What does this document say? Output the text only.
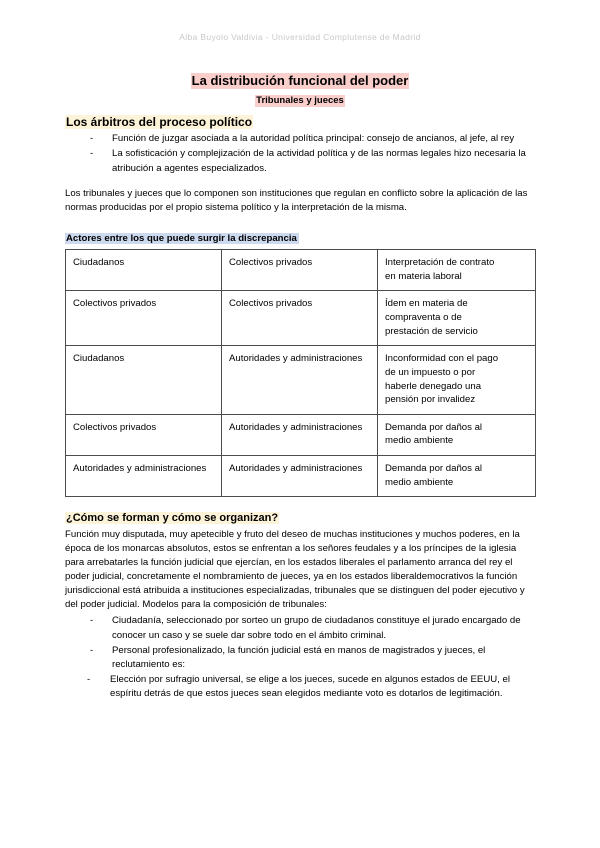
Alba Buyolo Valdivia - Universidad Complutense de Madrid
La distribución funcional del poder
Tribunales y jueces
Los árbitros del proceso político
- Función de juzgar asociada a la autoridad política principal: consejo de ancianos, al jefe, al rey
- La sofisticación y complejización de la actividad política y de las normas legales hizo necesaria la atribución a agentes especializados.
Los tribunales y jueces que lo componen son instituciones que regulan en conflicto sobre la aplicación de las normas producidas por el propio sistema político y la interpretación de la misma.
Actores entre los que puede surgir la discrepancia
Ciudadanos	Colectivos privados	Interpretación de contrato
en materia laboral

Colectivos privados	Colectivos privados	Ídem en materia de
compraventa o de
prestación de servicio

Ciudadanos	Autoridades y administraciones	Inconformidad con el pago
de un impuesto o por
haberle denegado una
pensión por invalidez

Colectivos privados	Autoridades y administraciones	Demanda por daños al
medio ambiente

Autoridades y administraciones	Autoridades y administraciones	Demanda por daños al
medio ambiente
¿Cómo se forman y cómo se organizan?
Función muy disputada, muy apetecible y fruto del deseo de muchas instituciones y muchos poderes, en la época de los monarcas absolutos, estos se enfrentan a los señores feudales y a los príncipes de la iglesia para arrebatarles la función judicial que ejercían, en los estados liberales el parlamento arranca del rey el poder judicial, concretamente el nombramiento de jueces, ya en los estados liberaldemocrativos la función jurisdiccional está atribuida a instituciones especializadas, tribunales que se distinguen del poder ejecutivo y del poder judicial. Modelos para la composición de tribunales:
- Ciudadanía, seleccionado por sorteo un grupo de ciudadanos constituye el jurado encargado de conocer un caso y se suele dar sobre todo en el ámbito criminal.
- Personal profesionalizado, la función judicial está en manos de magistrados y jueces, el reclutamiento es:
- Elección por sufragio universal, se elige a los jueces, sucede en algunos estados de EEUU, el espíritu detrás de que estos jueces sean elegidos mediante voto es dotarlos de legitimación.
